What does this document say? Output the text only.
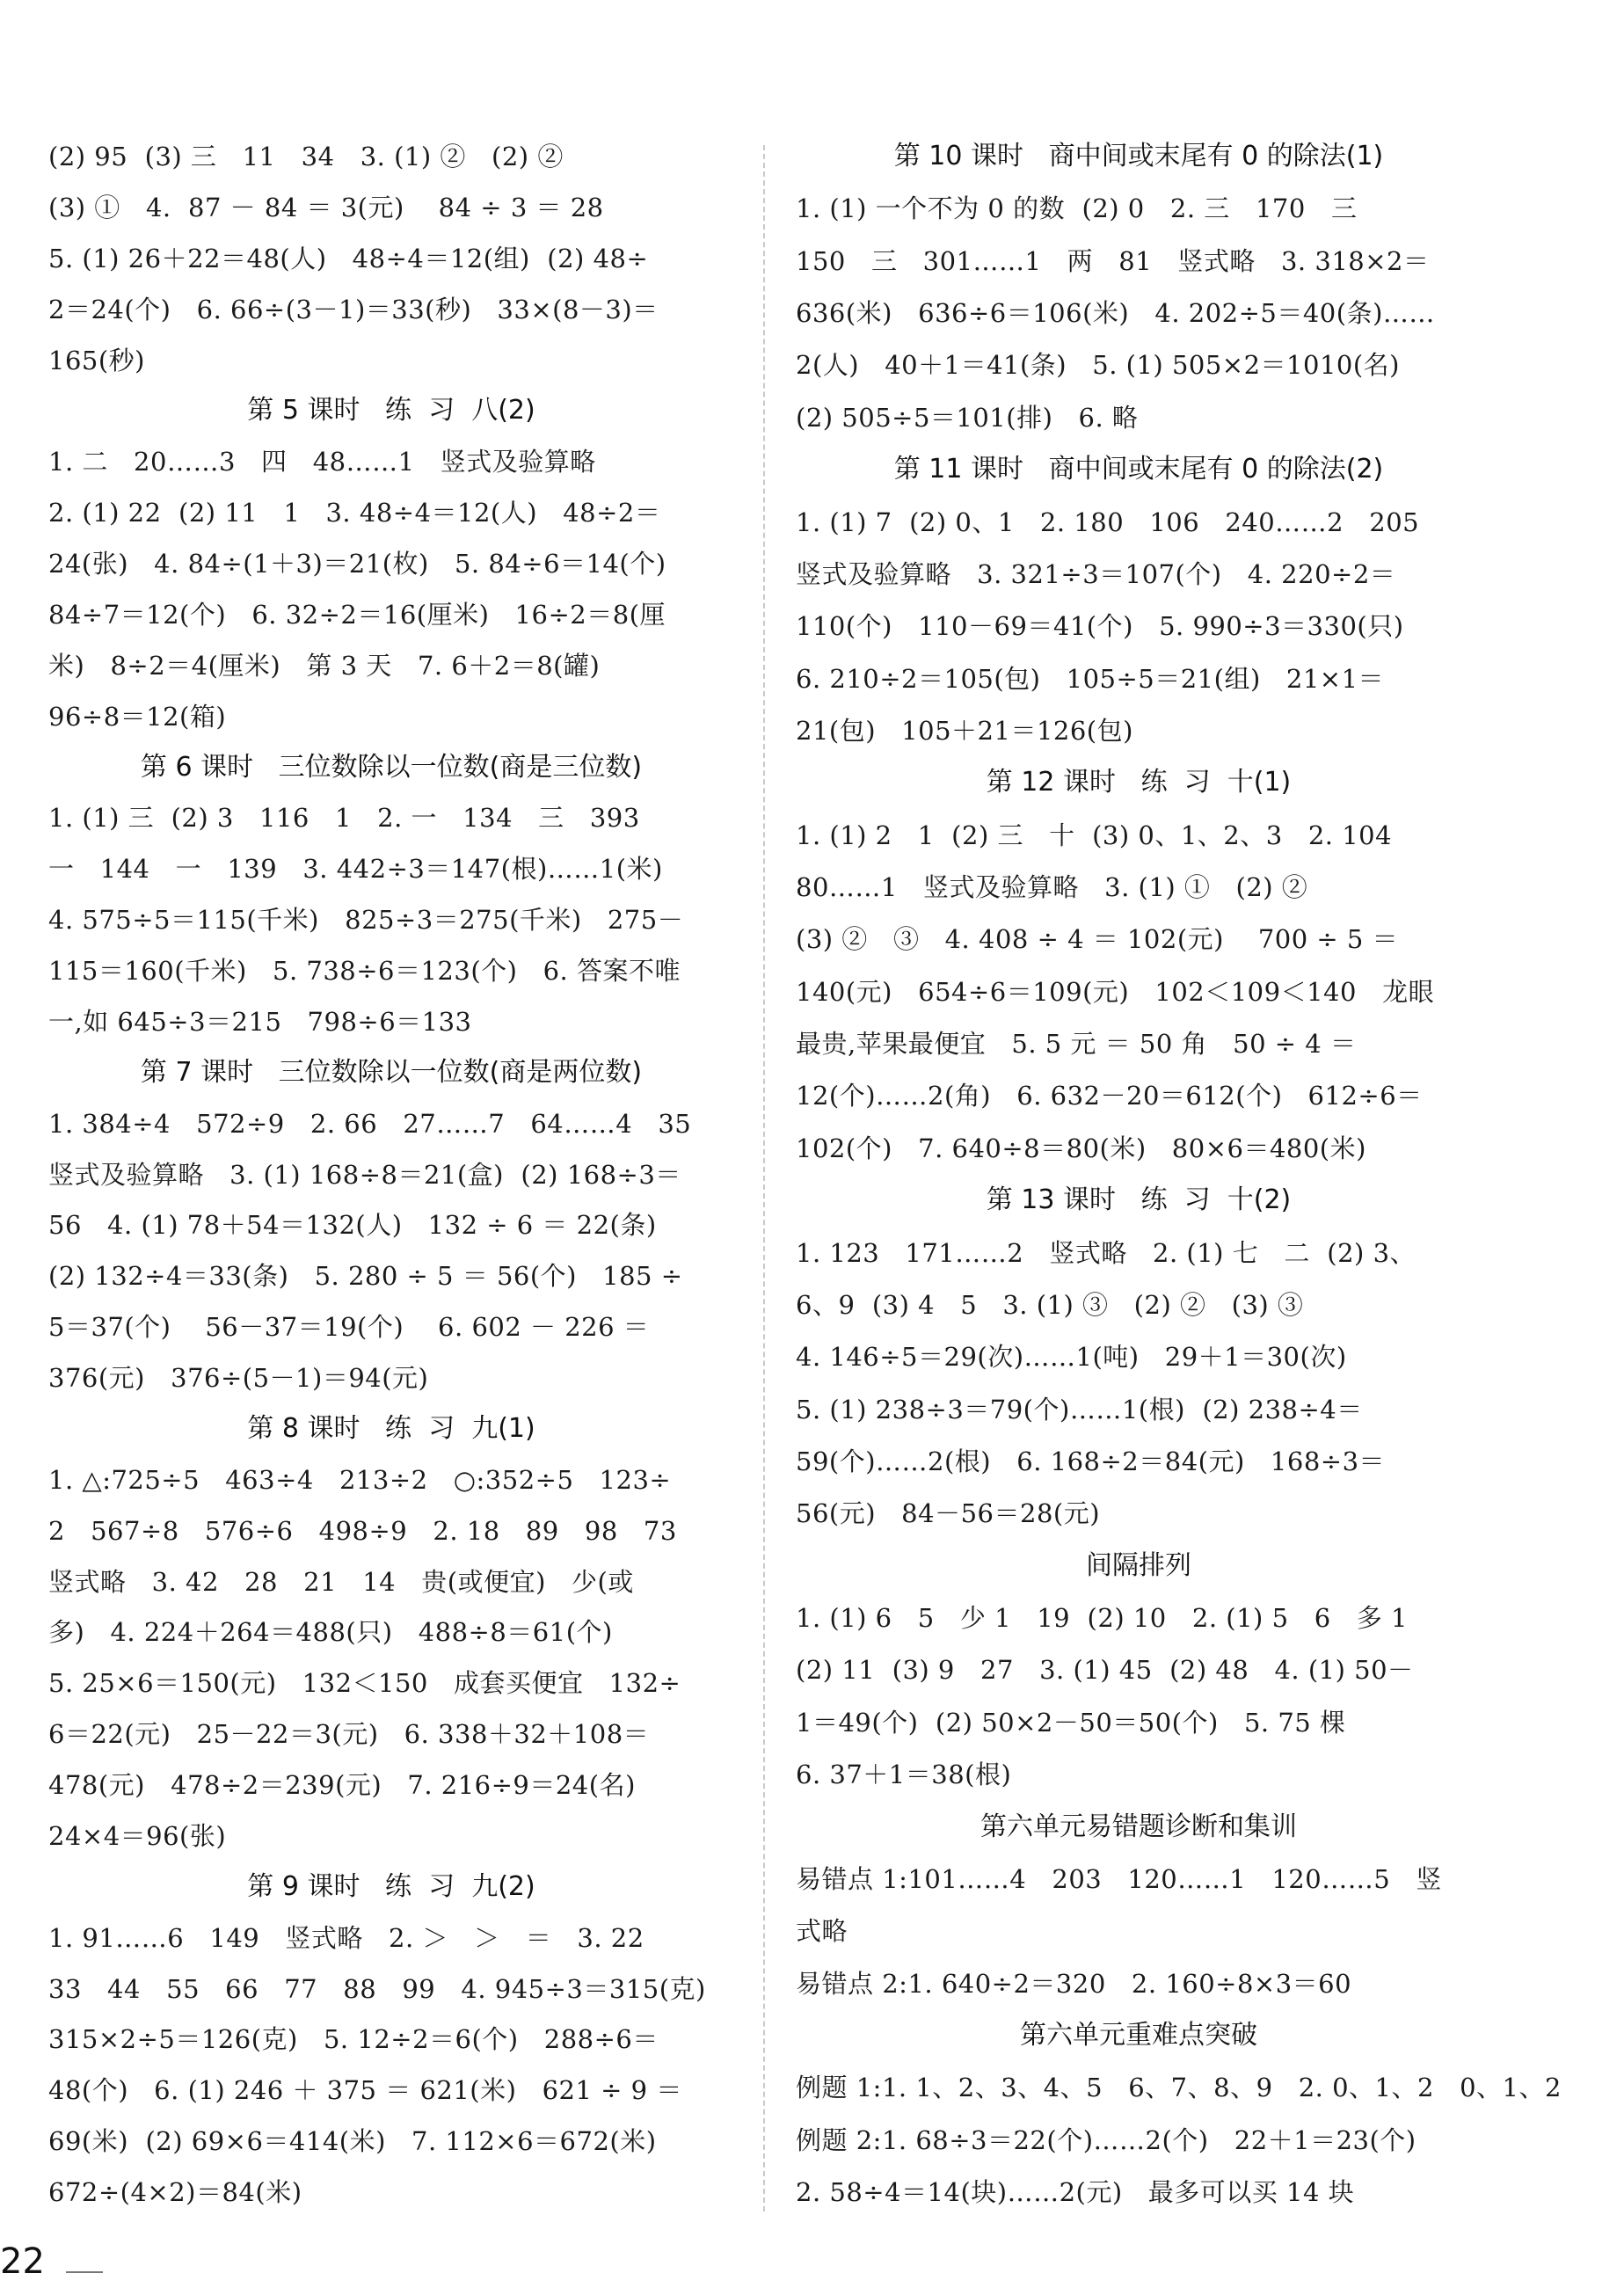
(2) 95  (3) 三   11   34   3. (1) ②   (2) ②
(3) ①   4.  87 － 84 ＝ 3(元)    84 ÷ 3 ＝ 28
5. (1) 26＋22＝48(人)   48÷4＝12(组)  (2) 48÷
2＝24(个)   6. 66÷(3－1)＝33(秒)   33×(8－3)＝
165(秒)
第 5 课时   练  习  八(2)
1. 二   20……3   四   48……1   竖式及验算略
2. (1) 22  (2) 11   1   3. 48÷4＝12(人)   48÷2＝
24(张)   4. 84÷(1＋3)＝21(枚)   5. 84÷6＝14(个)
84÷7＝12(个)   6. 32÷2＝16(厘米)   16÷2＝8(厘
米)   8÷2＝4(厘米)   第 3 天   7. 6＋2＝8(罐)
96÷8＝12(箱)
第 6 课时   三位数除以一位数(商是三位数)
1. (1) 三  (2) 3   116   1   2. 一   134   三   393
一   144   一   139   3. 442÷3＝147(根)……1(米)
4. 575÷5＝115(千米)   825÷3＝275(千米)   275－
115＝160(千米)   5. 738÷6＝123(个)   6. 答案不唯
一,如 645÷3＝215   798÷6＝133
第 7 课时   三位数除以一位数(商是两位数)
1. 384÷4   572÷9   2. 66   27……7   64……4   35
竖式及验算略   3. (1) 168÷8＝21(盒)  (2) 168÷3＝
56   4. (1) 78＋54＝132(人)   132 ÷ 6 ＝ 22(条)
(2) 132÷4＝33(条)   5. 280 ÷ 5 ＝ 56(个)   185 ÷
5＝37(个)    56－37＝19(个)    6. 602 － 226 ＝
376(元)   376÷(5－1)＝94(元)
第 8 课时   练  习  九(1)
1. △:725÷5   463÷4   213÷2   ○:352÷5   123÷
2   567÷8   576÷6   498÷9   2. 18   89   98   73
竖式略   3. 42   28   21   14   贵(或便宜)   少(或
多)   4. 224＋264＝488(只)   488÷8＝61(个)
5. 25×6＝150(元)   132＜150   成套买便宜   132÷
6＝22(元)   25－22＝3(元)   6. 338＋32＋108＝
478(元)   478÷2＝239(元)   7. 216÷9＝24(名)
24×4＝96(张)
第 9 课时   练  习  九(2)
1. 91……6   149   竖式略   2. ＞   ＞   ＝   3. 22
33   44   55   66   77   88   99   4. 945÷3＝315(克)
315×2÷5＝126(克)   5. 12÷2＝6(个)   288÷6＝
48(个)   6. (1) 246 ＋ 375 ＝ 621(米)   621 ÷ 9 ＝
69(米)  (2) 69×6＝414(米)   7. 112×6＝672(米)
672÷(4×2)＝84(米)
第 10 课时   商中间或末尾有 0 的除法(1)
1. (1) 一个不为 0 的数  (2) 0   2. 三   170   三
150   三   301……1   两   81   竖式略   3. 318×2＝
636(米)   636÷6＝106(米)   4. 202÷5＝40(条)……
2(人)   40＋1＝41(条)   5. (1) 505×2＝1010(名)
(2) 505÷5＝101(排)   6. 略
第 11 课时   商中间或末尾有 0 的除法(2)
1. (1) 7  (2) 0、1   2. 180   106   240……2   205
竖式及验算略   3. 321÷3＝107(个)   4. 220÷2＝
110(个)   110－69＝41(个)   5. 990÷3＝330(只)
6. 210÷2＝105(包)   105÷5＝21(组)   21×1＝
21(包)   105＋21＝126(包)
第 12 课时   练  习  十(1)
1. (1) 2   1  (2) 三   十  (3) 0、1、2、3   2. 104
80……1   竖式及验算略   3. (1) ①   (2) ②
(3) ②   ③   4. 408 ÷ 4 ＝ 102(元)    700 ÷ 5 ＝
140(元)   654÷6＝109(元)   102＜109＜140   龙眼
最贵,苹果最便宜   5. 5 元 ＝ 50 角   50 ÷ 4 ＝
12(个)……2(角)   6. 632－20＝612(个)   612÷6＝
102(个)   7. 640÷8＝80(米)   80×6＝480(米)
第 13 课时   练  习  十(2)
1. 123   171……2   竖式略   2. (1) 七   二  (2) 3、
6、9  (3) 4   5   3. (1) ③   (2) ②   (3) ③
4. 146÷5＝29(次)……1(吨)   29＋1＝30(次)
5. (1) 238÷3＝79(个)……1(根)  (2) 238÷4＝
59(个)……2(根)   6. 168÷2＝84(元)   168÷3＝
56(元)   84－56＝28(元)
间隔排列
1. (1) 6   5   少 1   19  (2) 10   2. (1) 5   6   多 1
(2) 11  (3) 9   27   3. (1) 45  (2) 48   4. (1) 50－
1＝49(个)  (2) 50×2－50＝50(个)   5. 75 棵
6. 37＋1＝38(根)
第六单元易错题诊断和集训
易错点 1:101……4   203   120……1   120……5   竖
式略
易错点 2:1. 640÷2＝320   2. 160÷8×3＝60
第六单元重难点突破
例题 1:1. 1、2、3、4、5   6、7、8、9   2. 0、1、2   0、1、2
例题 2:1. 68÷3＝22(个)……2(个)   22＋1＝23(个)
2. 58÷4＝14(块)……2(元)   最多可以买 14 块
22
